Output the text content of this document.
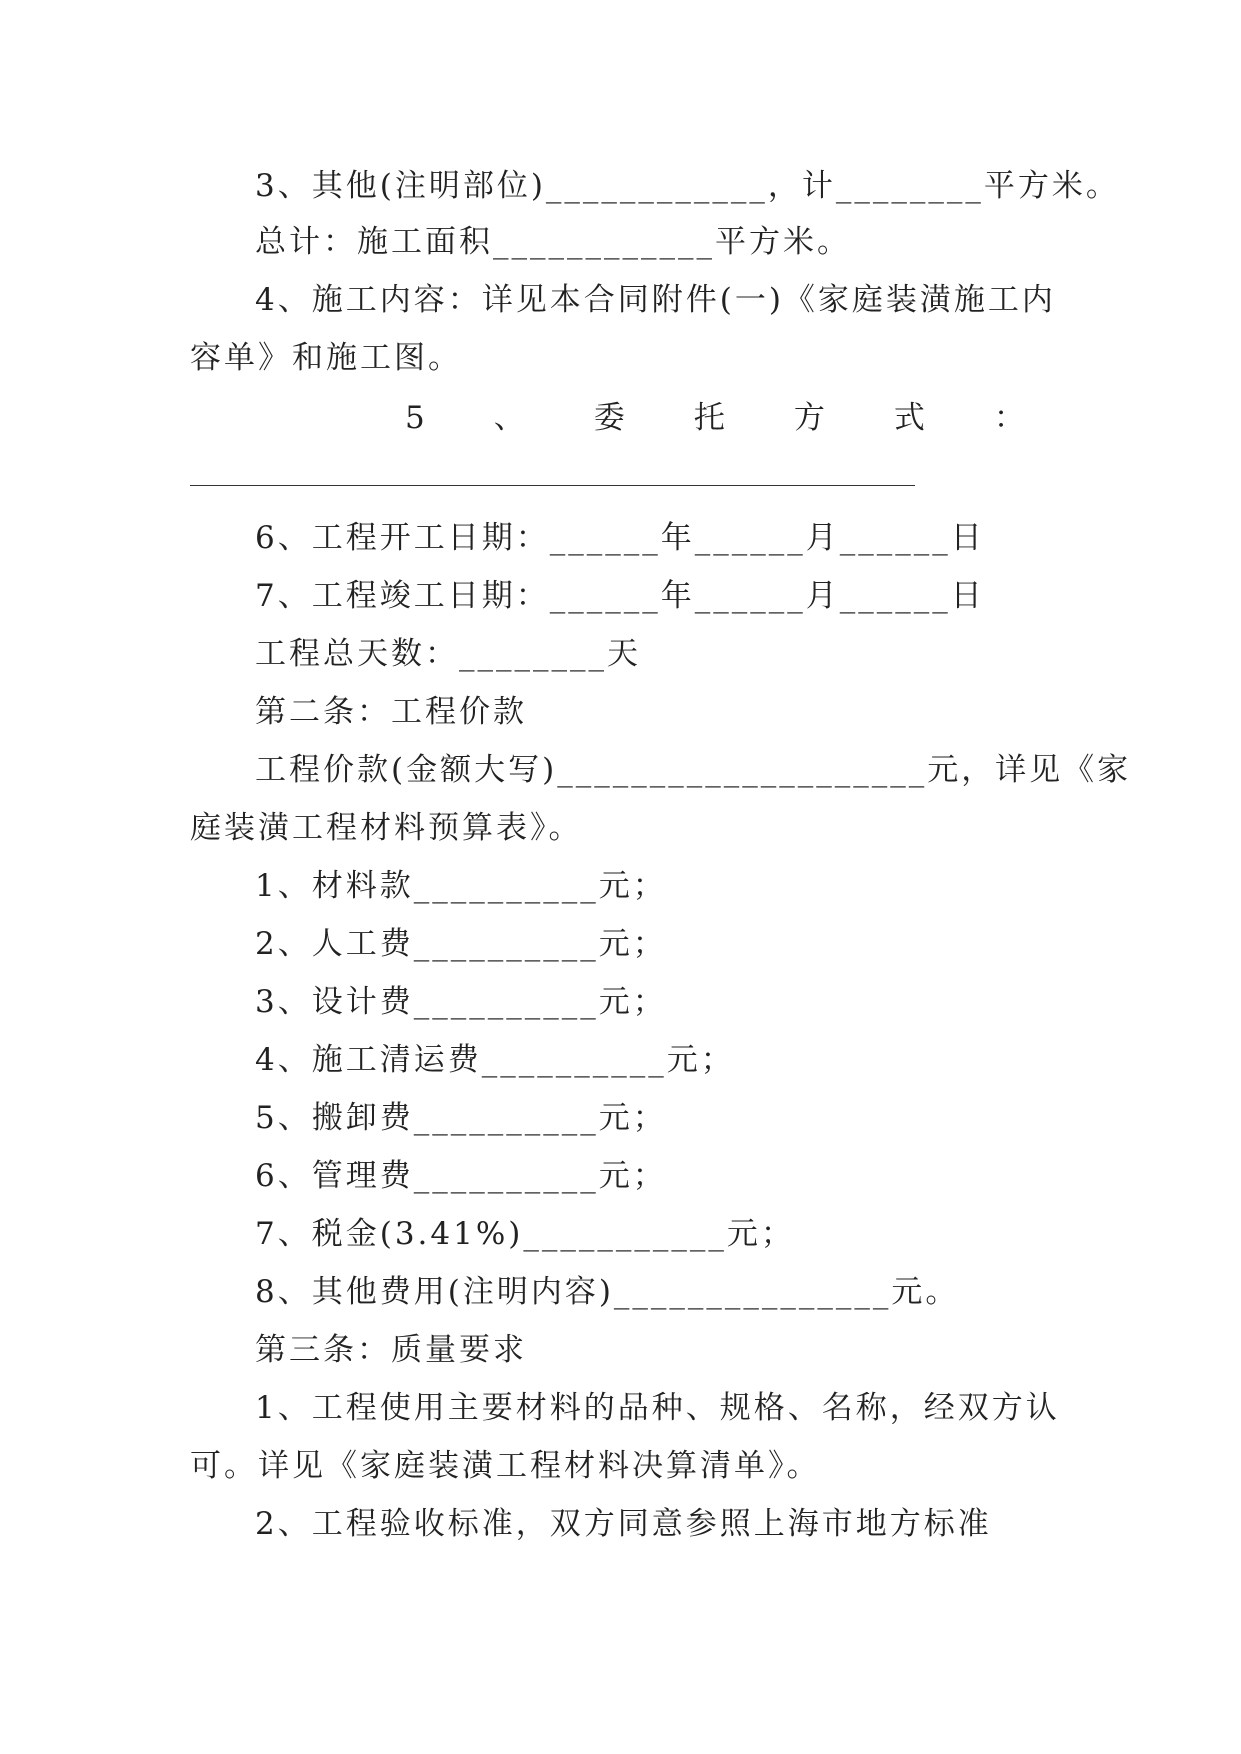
3、其他(注明部位)____________，计________平方米。
总计：施工面积____________平方米。
4、施工内容：详见本合同附件(一)《家庭装潢施工内
容单》和施工图。
5 、 委 托 方 式 ：
6、工程开工日期：______年______月______日
7、工程竣工日期：______年______月______日
工程总天数：________天
第二条：工程价款
工程价款(金额大写)____________________元，详见《家
庭装潢工程材料预算表》。
1、材料款__________元；
2、人工费__________元；
3、设计费__________元；
4、施工清运费__________元；
5、搬卸费__________元；
6、管理费__________元；
7、税金(3.41%)___________元；
8、其他费用(注明内容)_______________元。
第三条：质量要求
1、工程使用主要材料的品种、规格、名称，经双方认
可。详见《家庭装潢工程材料决算清单》。
2、工程验收标准，双方同意参照上海市地方标准
